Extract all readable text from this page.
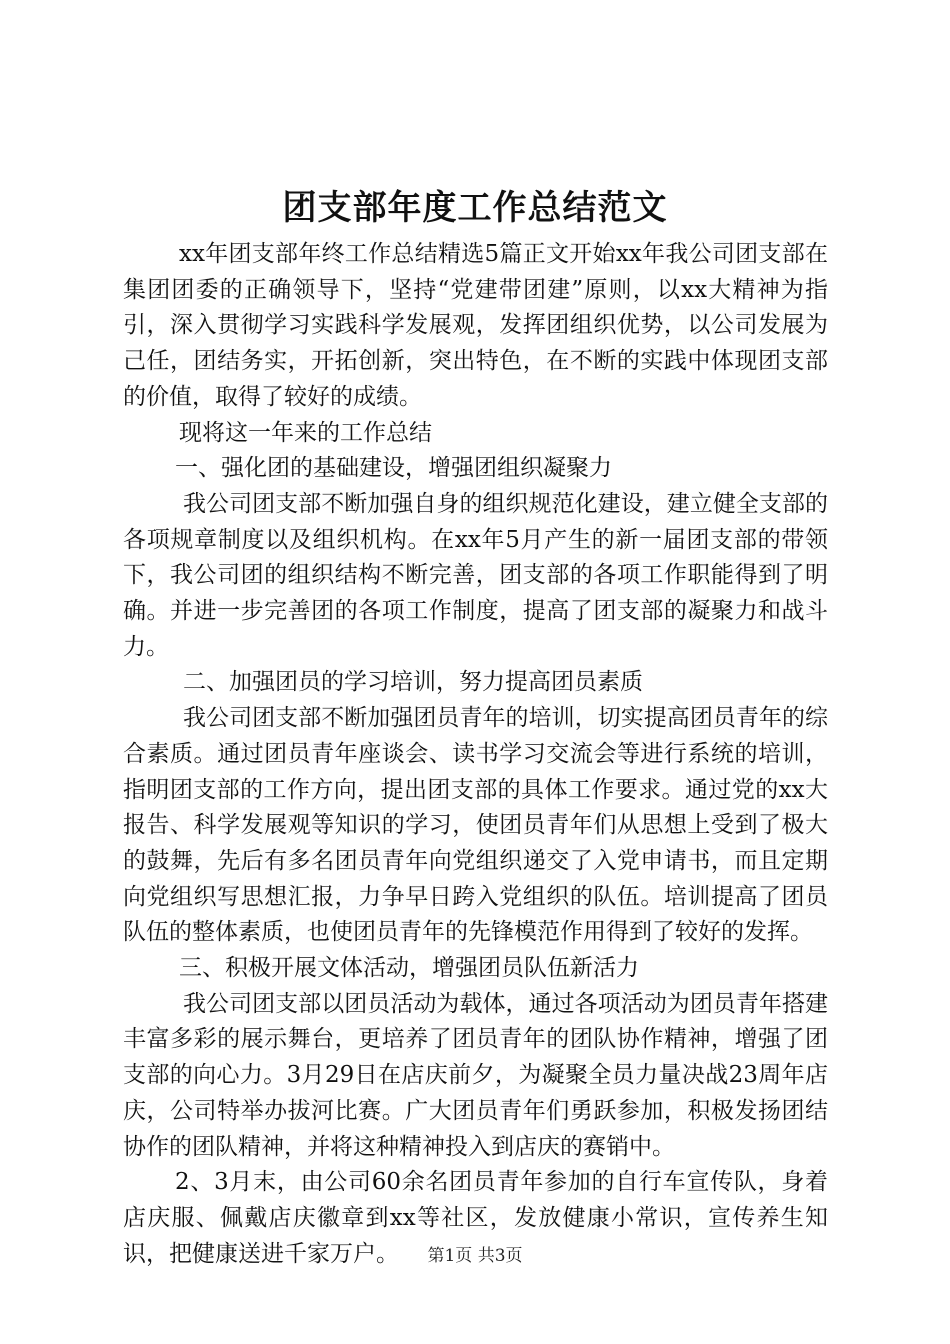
团支部年度工作总结范文

xx年团支部年终工作总结精选5篇正文开始xx年我公司团支部在集团团委的正确领导下，坚持“党建带团建”原则，以xx大精神为指引，深入贯彻学习实践科学发展观，发挥团组织优势，以公司发展为己任，团结务实，开拓创新，突出特色，在不断的实践中体现团支部的价值，取得了较好的成绩。

现将这一年来的工作总结

一、强化团的基础建设，增强团组织凝聚力

我公司团支部不断加强自身的组织规范化建设，建立健全支部的各项规章制度以及组织机构。在xx年5月产生的新一届团支部的带领下，我公司团的组织结构不断完善，团支部的各项工作职能得到了明确。并进一步完善团的各项工作制度，提高了团支部的凝聚力和战斗力。

二、加强团员的学习培训，努力提高团员素质

我公司团支部不断加强团员青年的培训，切实提高团员青年的综合素质。通过团员青年座谈会、读书学习交流会等进行系统的培训，指明团支部的工作方向，提出团支部的具体工作要求。通过党的xx大报告、科学发展观等知识的学习，使团员青年们从思想上受到了极大的鼓舞，先后有多名团员青年向党组织递交了入党申请书，而且定期向党组织写思想汇报，力争早日跨入党组织的队伍。培训提高了团员队伍的整体素质，也使团员青年的先锋模范作用得到了较好的发挥。

三、积极开展文体活动，增强团员队伍新活力

我公司团支部以团员活动为载体，通过各项活动为团员青年搭建丰富多彩的展示舞台，更培养了团员青年的团队协作精神，增强了团支部的向心力。3月29日在店庆前夕，为凝聚全员力量决战23周年店庆，公司特举办拔河比赛。广大团员青年们勇跃参加，积极发扬团结协作的团队精神，并将这种精神投入到店庆的赛销中。

2、3月末，由公司60余名团员青年参加的自行车宣传队，身着店庆服、佩戴店庆徽章到xx等社区，发放健康小常识，宣传养生知识，把健康送进千家万户。	第1页 共3页
